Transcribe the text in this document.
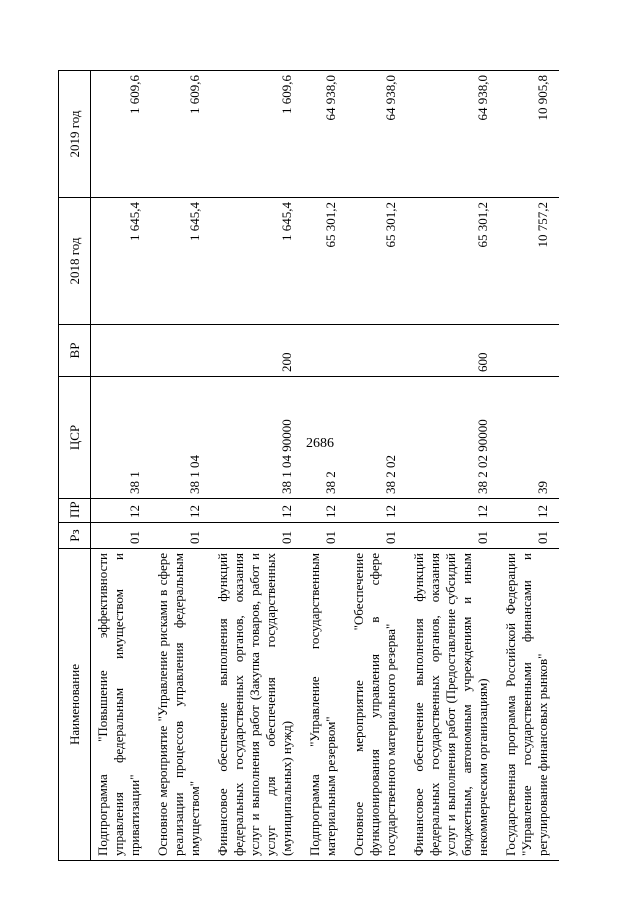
2686
Наименование	Рз	ПР	ЦСР	ВР	2018 год	2019 год
Подпрограмма "Повышение эффективности управления федеральным имуществом и приватизации"	01	12	38 1		1 645,4	1 609,6
Основное мероприятие "Управление рисками в сфере реализации процессов управления федеральным имуществом"	01	12	38 1 04		1 645,4	1 609,6
Финансовое обеспечение выполнения функций федеральных государственных органов, оказания услуг и выполнения работ (Закупка товаров, работ и услуг для обеспечения государственных (муниципальных) нужд)	01	12	38 1 04 90000	200	1 645,4	1 609,6
Подпрограмма "Управление государственным материальным резервом"	01	12	38 2		65 301,2	64 938,0
Основное мероприятие "Обеспечение функционирования управления в сфере государственного материального резерва"	01	12	38 2 02		65 301,2	64 938,0
Финансовое обеспечение выполнения функций федеральных государственных органов, оказания услуг и выполнения работ (Предоставление субсидий бюджетным, автономным учреждениям и иным некоммерческим организациям)	01	12	38 2 02 90000	600	65 301,2	64 938,0
Государственная программа Российской Федерации "Управление государственными финансами и регулирование финансовых рынков"	01	12	39		10 757,2	10 905,8
